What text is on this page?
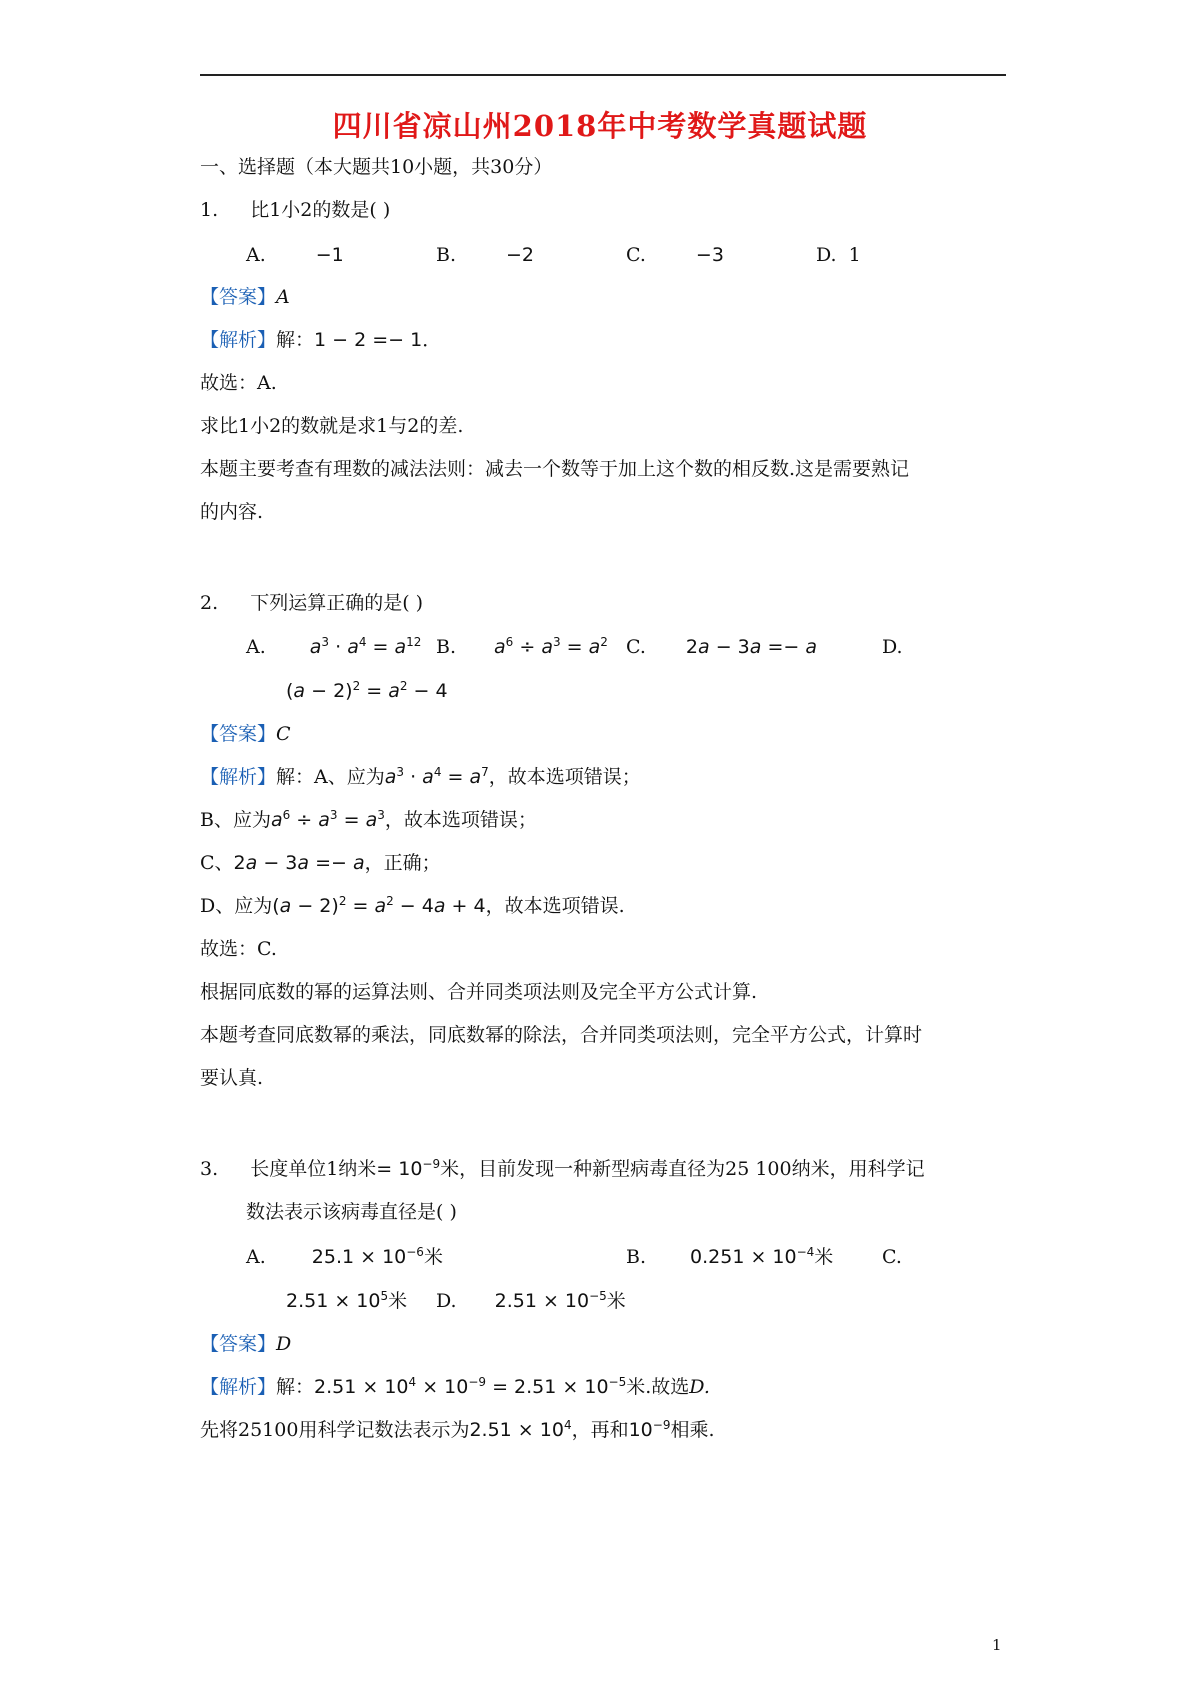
四川省凉山州2018年中考数学真题试题
一、选择题（本大题共10小题，共30分）
1. 比1小2的数是( )
A.	−1	B.	−2	C.	−3	D. 1
【答案】A
【解析】解：1 − 2 =− 1．
故选：A.
求比1小2的数就是求1与2的差.
本题主要考查有理数的减法法则：减去一个数等于加上这个数的相反数.这是需要熟记
的内容.
2. 下列运算正确的是( )
A. $a^3 \cdot a^4 = a^{12}$ B. $a^6 \div a^3 = a^2$ C. 2a − 3a =− a	D.
$(a - 2)^2 = a^2 - 4$
【答案】C
【解析】解：A、应为$a^3 \cdot a^4 = a^7$，故本选项错误；
B、应为$a^6 \div a^3 = a^3$，故本选项错误；
C、2a − 3a =− a，正确；
D、应为$(a - 2)^2 = a^2 - 4a + 4$，故本选项错误.
故选：C.
根据同底数的幂的运算法则、合并同类项法则及完全平方公式计算.
本题考查同底数幂的乘法，同底数幂的除法，合并同类项法则，完全平方公式，计算时
要认真.
3. 长度单位1纳米= $10^{-9}$米，目前发现一种新型病毒直径为25 100纳米，用科学记
数法表示该病毒直径是( )
A. $25.1 \times 10^{-6}$米	B. $0.251 \times 10^{-4}$米	C.
$2.51 \times 10^5$米 D. $2.51 \times 10^{-5}$米
【答案】D
【解析】解：$2.51 \times 10^4 \times 10^{-9} = 2.51 \times 10^{-5}$米.故选D.
先将25100用科学记数法表示为$2.51 \times 10^4$，再和$10^{-9}$相乘.
1
